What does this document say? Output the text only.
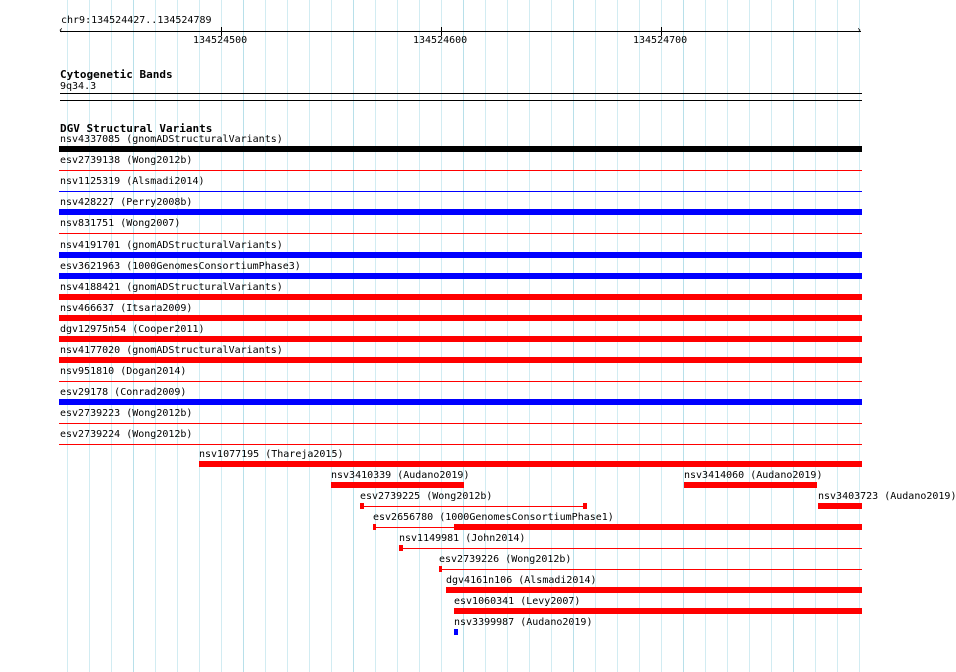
chr9:134524427..134524789
‹	›
134524500	134524600	134524700
Cytogenetic Bands
9q34.3
DGV Structural Variants
nsv4337085 (gnomADStructuralVariants)
esv2739138 (Wong2012b)
nsv1125319 (Alsmadi2014)
nsv428227 (Perry2008b)
nsv831751 (Wong2007)
nsv4191701 (gnomADStructuralVariants)
esv3621963 (1000GenomesConsortiumPhase3)
nsv4188421 (gnomADStructuralVariants)
nsv466637 (Itsara2009)
dgv12975n54 (Cooper2011)
nsv4177020 (gnomADStructuralVariants)
nsv951810 (Dogan2014)
esv29178 (Conrad2009)
esv2739223 (Wong2012b)
esv2739224 (Wong2012b)
nsv1077195 (Thareja2015)
nsv3410339 (Audano2019)	nsv3414060 (Audano2019)
nsv3403723 (Audano2019)
esv2739225 (Wong2012b)
esv2656780 (1000GenomesConsortiumPhase1)
nsv1149981 (John2014)
esv2739226 (Wong2012b)
dgv4161n106 (Alsmadi2014)
esv1060341 (Levy2007)
nsv3399987 (Audano2019)
